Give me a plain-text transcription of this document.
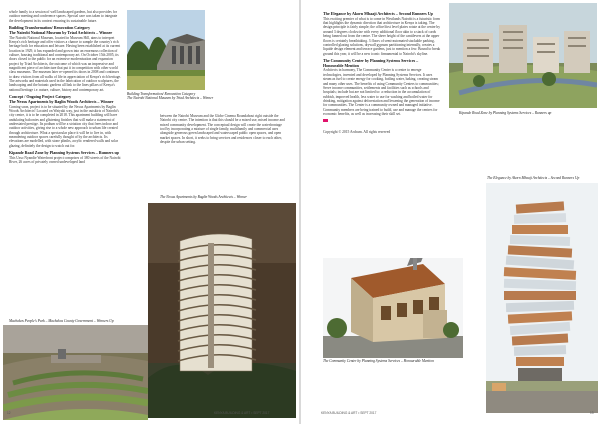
whole family to a session of well landscaped gardens, but also provides for outdoor meeting and conference spaces. Special care was taken to integrate the development in its context ensuring its sustainable future.

Building Transformation/ Renovation Category
The Nairobi National Museum by Triad Architects – Winner

The Nairobi National Museum, located in Museum Hill, aims to interpret Kenya's rich heritage and offer visitors a chance to sample the country's rich heritage both for education and leisure. Having been established at its current location in 1929, it has expanded and grown into an enormous collection of culture, housing traditional and contemporary art. On October 15th 2005, its doors closed to the public for an extensive modernisation and expansion project by Triad Architects, the outcome of which was an impressive and magnificent piece of architecture that put it in competition with other world class museums. The museum later re-opened its doors in 2008 and continues to draw visitors from all walks of life in appreciation of Kenya's rich heritage. The artworks and materials used in the fabrication of outdoor sculptures, the landscaping and the botanic gardens all link to the lines pillars of Kenya's national heritage i.e. nature, culture, history and contemporary art.

Concept / Ongoing Project Category
The Nexus Apartments by Baglin Woods Architects – Winner

Coming soon, project is to be situated by the Nexus Apartments by Baglin Woods Architects! Located on Waiyaki way, just in the outskirts of Nairobi's city centre, it is to be completed in 2018. This apartment building will have undulating balconies and glistening finishes that will make a statement of understated prestige. Its podium will be a striation city that frees indoor and outdoor activities, giving rise to a whole new approach to urban life created through architecture. What a spectacular place it will be to live in, with meandering outdoor spaces carefully thought of by the architects. Its elevations are modelled, with stone plinths, acrylic rendered walls and solar glazing, definitely the design to watch out for.

Kipande Road Zone by Planning Systems Services – Runners up

This Usso Nyandie Waterfront project comprises of 380 streets of the Nairobi River, 26 acres of privately owned undeveloped land

Machakos People's Park – Machakos County Government – Winners Up
Building Transformation/ Renovation Category
The Nairobi National Museum by Triad Architects – Winner

between the Nairobi Museum and the Globe Cinema Roundabout right outside the Nairobi city centre. The intention is that this should be a mixed use, mixed income and mixed community development. The conceptual design will create the waterfrontage tool by incorporating a mixture of single family, multifamily and commercial uses alongside generous green landscaped and waterscaped public open spaces, and open market spaces. In short, it seeks to bring services and residences closer to each other, despite the urban setting.

The Nexus Apartments by Baglin Woods Architects – Winner
12	KENYA BUILDING & ART • SEPT 2017
The Elegance by Akorn Mbaaji Architects – Second Runners Up

This exciting premier of what is to come in Westlands Nairobi is a futuristic form that highlights the dynamic direction that architecture in Kenya is taking. The design principle is fairly simple; the office/first level plates rotate at the centre by around 3 degrees clockwise with every additional floor akin to a stack of cards being fanned out from the centre. The sheer height of the cantilevers at the upper floors is certainly breathtaking. 3 floors of semi-automated stackable parking, controlled glazing solutions, drywall gypsum partitioning internally, creates a liquide design element and terrace gardens, just to mention a few. Bound to break ground this year, it will be a new iconic firmamental to Nairobi's skyline.

The Community Center by Planning Systems Services –
Honourable Mention

Architects in harmony, The Community Center is a centre to emerge technologies, invented and developed by Planning Systems Services. It uses steam as fuel to create energy for cooking, boiling water, baking, creating steam and many other uses. The benefits of using Community Centers to communities; Serve income communities, settlements and facilities such as schools and hospitals; include but are not limited to: a reduction in the accumulation of rubbish, improved health, less water to use for washing and boiled water for drinking, mitigation against deforestation and lessening the generation of income for communities. The Center is a community owned and managed initiative. Community members are being trained to build, use and manage the centres for economic benefits, as well as increasing their skill set.

Copyright © 2015 Archum. All rights reserved

Kipande Road Zone by Planning Systems Services – Runners up
The Elegance by Akorn Mbaaji Architects – Second Runners Up
The Community Center by Planning Systems Services – Honourable Mention
KENYA BUILDING & ART • SEPT 2017	13
